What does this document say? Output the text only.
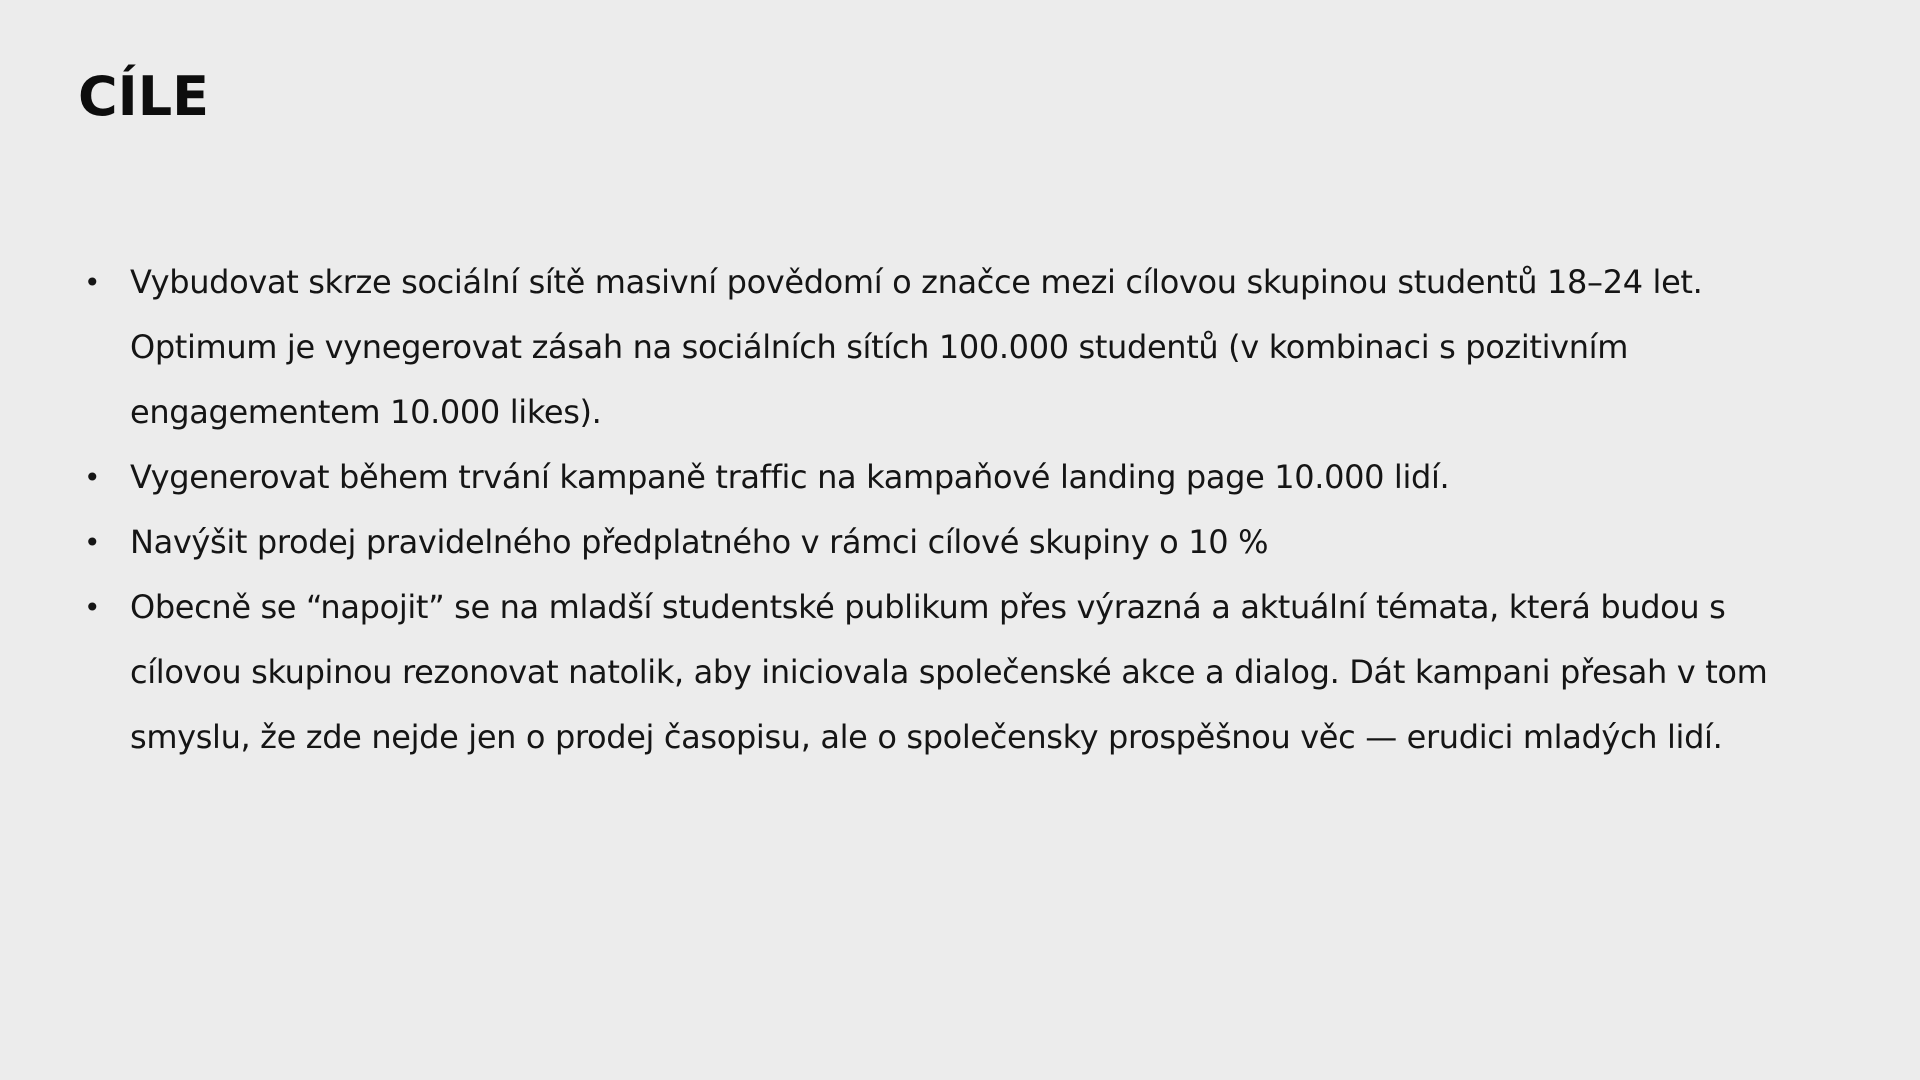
CÍLE
• Vybudovat skrze sociální sítě masivní povědomí o značce mezi cílovou skupinou studentů 18–24 let. Optimum je vynegerovat zásah na sociálních sítích 100.000 studentů (v kombinaci s pozitivním engagementem 10.000 likes).
• Vygenerovat během trvání kampaně traffic na kampaňové landing page 10.000 lidí.
• Navýšit prodej pravidelného předplatného v rámci cílové skupiny o 10 %
• Obecně se “napojit” se na mladší studentské publikum přes výrazná a aktuální témata, která budou s cílovou skupinou rezonovat natolik, aby iniciovala společenské akce a dialog. Dát kampani přesah v tom smyslu, že zde nejde jen o prodej časopisu, ale o společensky prospěšnou věc — erudici mladých lidí.
